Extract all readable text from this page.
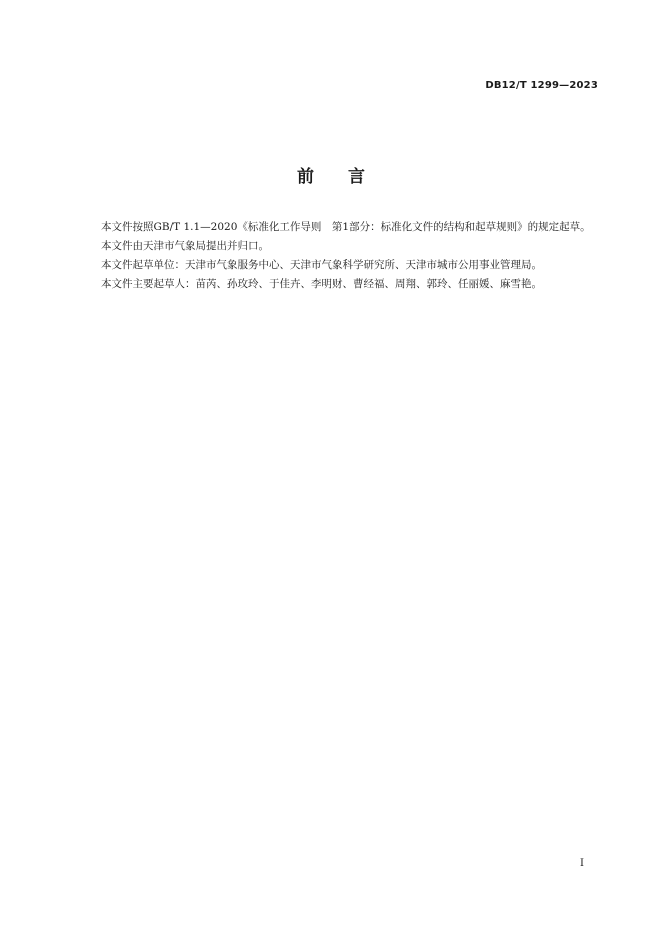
DB12/T 1299—2023
前 言

本文件按照GB/T 1.1—2020《标准化工作导则　第1部分：标准化文件的结构和起草规则》的规定起草。

本文件由天津市气象局提出并归口。

本文件起草单位：天津市气象服务中心、天津市气象科学研究所、天津市城市公用事业管理局。

本文件主要起草人：苗芮、孙玫玲、于佳卉、李明财、曹经福、周翔、郭玲、任丽媛、麻雪艳。

I
